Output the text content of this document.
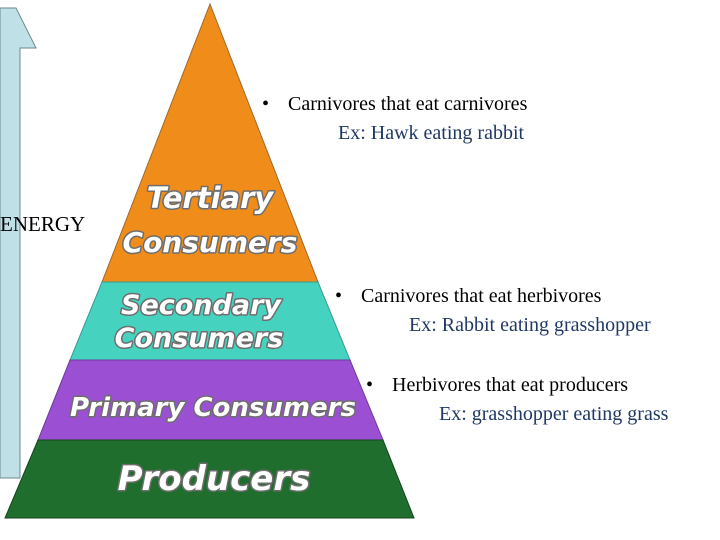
ENERGY
Tertiary
Consumers
Secondary
Consumers
Primary Consumers
Producers
• Carnivores that eat carnivores
Ex: Hawk eating rabbit
• Carnivores that eat herbivores
Ex: Rabbit eating grasshopper
• Herbivores that eat producers
Ex: grasshopper eating grass
